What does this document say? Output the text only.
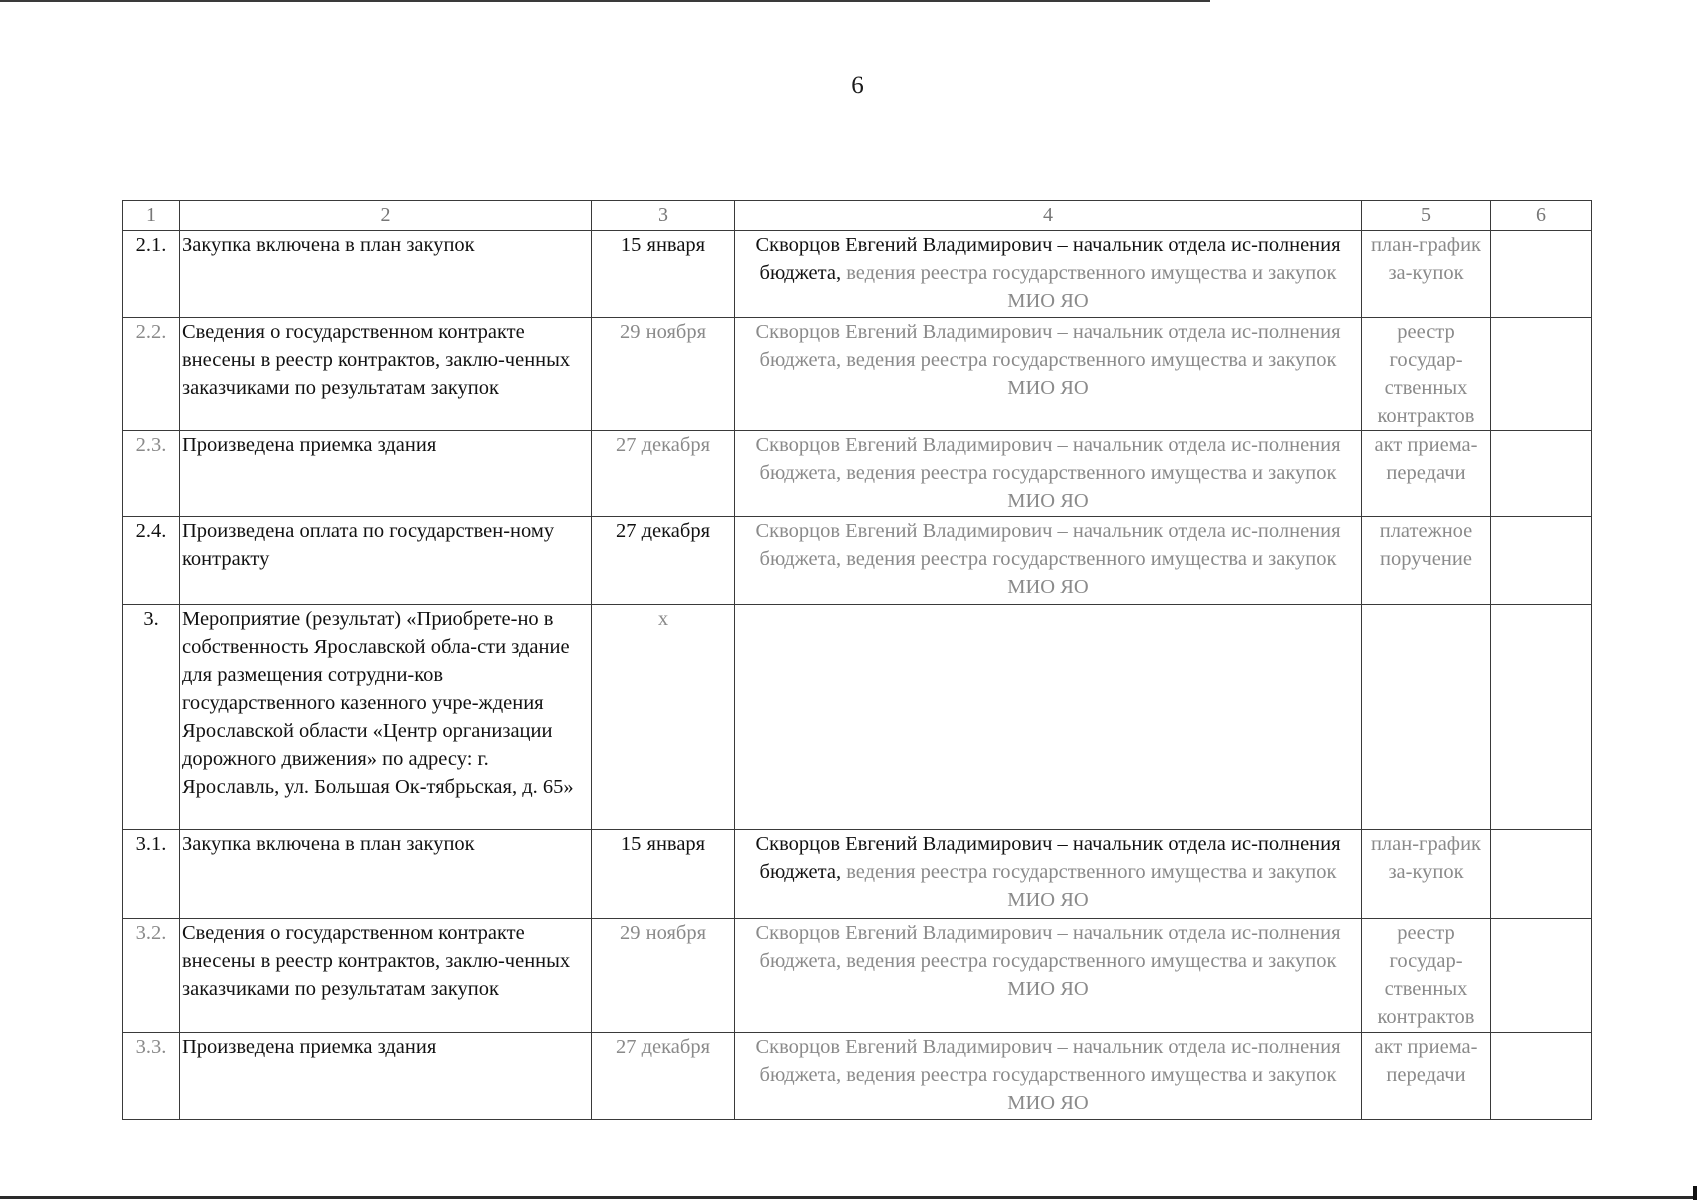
6
1	2	3	4	5	6
2.1.	Закупка включена в план закупок	15 января	Скворцов Евгений Владимирович – начальник отдела ис-полнения бюджета, ведения реестра государственного имущества и закупок МИО ЯО	план-график за-купок	
2.2.	Сведения о государственном контракте внесены в реестр контрактов, заклю-ченных заказчиками по результатам закупок	29 ноября	Скворцов Евгений Владимирович – начальник отдела ис-полнения бюджета, ведения реестра государственного имущества и закупок МИО ЯО	реестр государ-ственных контрактов	
2.3.	Произведена приемка здания	27 декабря	Скворцов Евгений Владимирович – начальник отдела ис-полнения бюджета, ведения реестра государственного имущества и закупок МИО ЯО	акт приема-передачи	
2.4.	Произведена оплата по государствен-ному контракту	27 декабря	Скворцов Евгений Владимирович – начальник отдела ис-полнения бюджета, ведения реестра государственного имущества и закупок МИО ЯО	платежное поручение	
3.	Мероприятие (результат) «Приобрете-но в собственность Ярославской обла-сти здание для размещения сотрудни-ков государственного казенного учре-ждения Ярославской области «Центр организации дорожного движения» по адресу: г. Ярославль, ул. Большая Ок-тябрьская, д. 65»	х			
3.1.	Закупка включена в план закупок	15 января	Скворцов Евгений Владимирович – начальник отдела ис-полнения бюджета, ведения реестра государственного имущества и закупок МИО ЯО	план-график за-купок	
3.2.	Сведения о государственном контракте внесены в реестр контрактов, заклю-ченных заказчиками по результатам закупок	29 ноября	Скворцов Евгений Владимирович – начальник отдела ис-полнения бюджета, ведения реестра государственного имущества и закупок МИО ЯО	реестр государ-ственных контрактов	
3.3.	Произведена приемка здания	27 декабря	Скворцов Евгений Владимирович – начальник отдела ис-полнения бюджета, ведения реестра государственного имущества и закупок МИО ЯО	акт приема-передачи	
